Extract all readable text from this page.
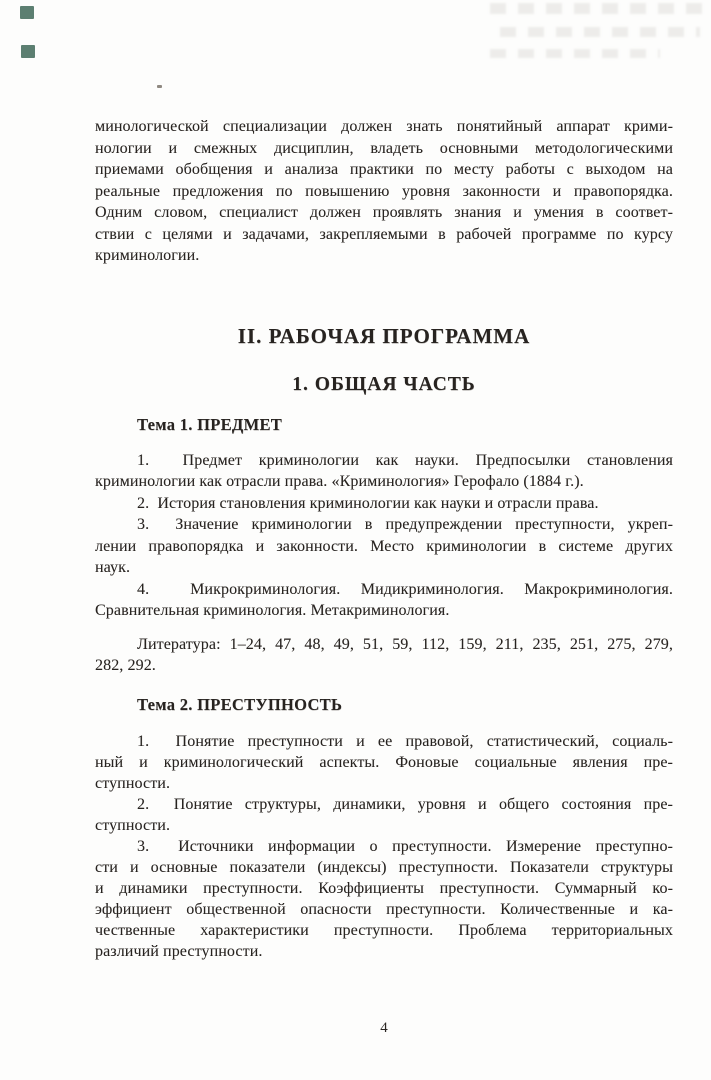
минологической специализации должен знать понятийный аппарат крими-
нологии и смежных дисциплин, владеть основными методологическими
приемами обобщения и анализа практики по месту работы с выходом на
реальные предложения по повышению уровня законности и правопорядка.
Одним словом, специалист должен проявлять знания и умения в соответ-
ствии с целями и задачами, закрепляемыми в рабочей программе по курсу
криминологии.
II. РАБОЧАЯ ПРОГРАММА
1. ОБЩАЯ ЧАСТЬ
Тема 1. ПРЕДМЕТ
1.  Предмет криминологии как науки. Предпосылки становления
криминологии как отрасли права. «Криминология» Герофало (1884 г.).
2.  История становления криминологии как науки и отрасли права.
3.  Значение криминологии в предупреждении преступности, укреп-
лении правопорядка и законности. Место криминологии в системе других
наук.
4.  Микрокриминология. Мидикриминология. Макрокриминология.
Сравнительная криминология. Метакриминология.
Литература: 1–24, 47, 48, 49, 51, 59, 112, 159, 211, 235, 251, 275, 279,
282, 292.
Тема 2. ПРЕСТУПНОСТЬ
1.  Понятие преступности и ее правовой, статистический, социаль-
ный и криминологический аспекты. Фоновые социальные явления пре-
ступности.
2.  Понятие структуры, динамики, уровня и общего состояния пре-
ступности.
3.  Источники информации о преступности. Измерение преступно-
сти и основные показатели (индексы) преступности. Показатели структуры
и динамики преступности. Коэффициенты преступности. Суммарный ко-
эффициент общественной опасности преступности. Количественные и ка-
чественные характеристики преступности. Проблема территориальных
различий преступности.
4
